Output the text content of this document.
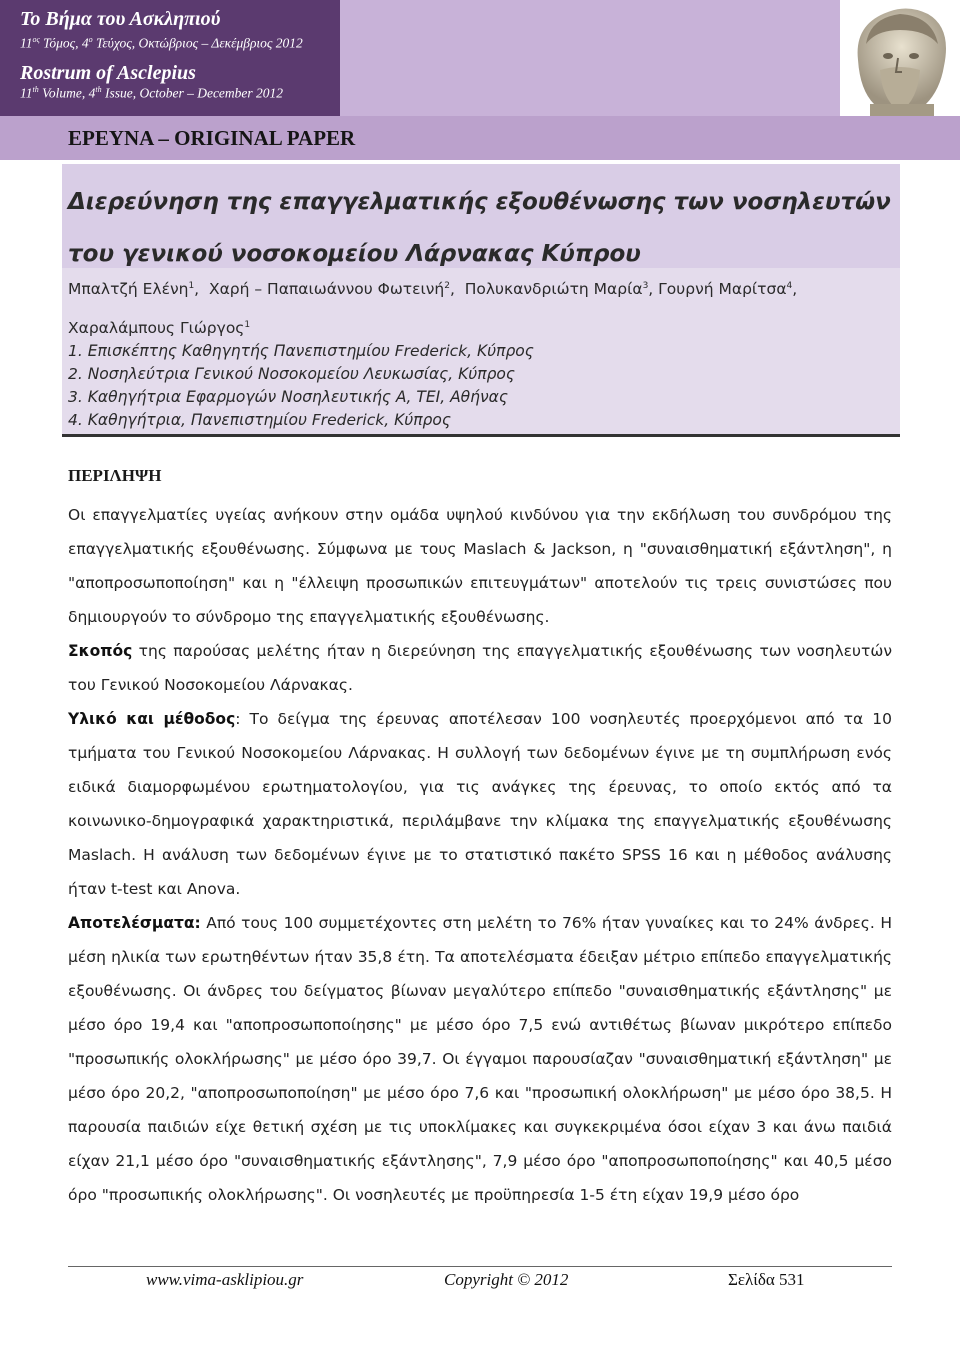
Το Βήμα του Ασκληπιού
$11^{o\varsigma}$ Τόμος, $4^o$ Τεύχος, Οκτώβριος – Δεκέμβριος 2012
Rostrum of Asclepius
11th Volume, 4th Issue, October – December 2012
ΕΡΕΥΝΑ – ORIGINAL PAPER
Διερεύνηση της επαγγελματικής εξουθένωσης των νοσηλευτών του γενικού νοσοκομείου Λάρνακας Κύπρου
Μπαλτζή Ελένη$^1$,  Χαρή – Παπαιωάννου Φωτεινή$^2$,  Πολυκανδριώτη Μαρία$^3$, Γουρνή Μαρίτσα$^4$,
Χαραλάμπους Γιώργος$^1$
1. Επισκέπτης Καθηγητής Πανεπιστημίου Frederick, Κύπρος
2. Νοσηλεύτρια Γενικού Νοσοκομείου Λευκωσίας, Κύπρος
3. Καθηγήτρια Εφαρμογών Νοσηλευτικής Α, ΤΕΙ, Αθήνας
4. Καθηγήτρια, Πανεπιστημίου Frederick, Κύπρος
ΠΕΡΙΛΗΨΗ

Οι επαγγελματίες υγείας ανήκουν στην ομάδα υψηλού κινδύνου για την εκδήλωση του συνδρόμου της επαγγελματικής εξουθένωσης. Σύμφωνα με τους Maslach & Jackson, η "συναισθηματική εξάντληση", η "αποπροσωποποίηση" και η "έλλειψη προσωπικών επιτευγμάτων" αποτελούν τις τρεις συνιστώσες που δημιουργούν το σύνδρομο της επαγγελματικής εξουθένωσης.

Σκοπός της παρούσας μελέτης ήταν η διερεύνηση της επαγγελματικής εξουθένωσης των νοσηλευτών του Γενικού Νοσοκομείου Λάρνακας.

Υλικό και μέθοδος: Το δείγμα της έρευνας αποτέλεσαν 100 νοσηλευτές προερχόμενοι από τα 10 τμήματα του Γενικού Νοσοκομείου Λάρνακας. Η συλλογή των δεδομένων έγινε με τη συμπλήρωση ενός ειδικά διαμορφωμένου ερωτηματολογίου, για τις ανάγκες της έρευνας, το οποίο εκτός από τα κοινωνικο-δημογραφικά χαρακτηριστικά, περιλάμβανε την κλίμακα της επαγγελματικής εξουθένωσης Maslach. Η ανάλυση των δεδομένων έγινε με το στατιστικό πακέτο SPSS 16 και η μέθοδος ανάλυσης ήταν t-test και Anova.

Αποτελέσματα: Από τους 100 συμμετέχοντες στη μελέτη το 76% ήταν γυναίκες και το 24% άνδρες. Η μέση ηλικία των ερωτηθέντων ήταν 35,8 έτη. Τα αποτελέσματα έδειξαν μέτριο επίπεδο επαγγελματικής εξουθένωσης. Οι άνδρες του δείγματος βίωναν μεγαλύτερο επίπεδο "συναισθηματικής εξάντλησης" με μέσο όρο 19,4 και "αποπροσωποποίησης" με μέσο όρο 7,5 ενώ αντιθέτως βίωναν μικρότερο επίπεδο "προσωπικής ολοκλήρωσης" με μέσο όρο 39,7. Οι έγγαμοι παρουσίαζαν "συναισθηματική εξάντληση" με μέσο όρο 20,2, "αποπροσωποποίηση" με μέσο όρο 7,6 και "προσωπική ολοκλήρωση" με μέσο όρο 38,5. Η παρουσία παιδιών είχε θετική σχέση με τις υποκλίμακες και συγκεκριμένα όσοι είχαν 3 και άνω παιδιά είχαν 21,1 μέσο όρο "συναισθηματικής εξάντλησης", 7,9 μέσο όρο "αποπροσωποποίησης" και 40,5 μέσο όρο "προσωπικής ολοκλήρωσης". Οι νοσηλευτές με προϋπηρεσία 1-5 έτη είχαν 19,9 μέσο όρο

www.vima-asklipiou.gr	Copyright © 2012	Σελίδα 531
